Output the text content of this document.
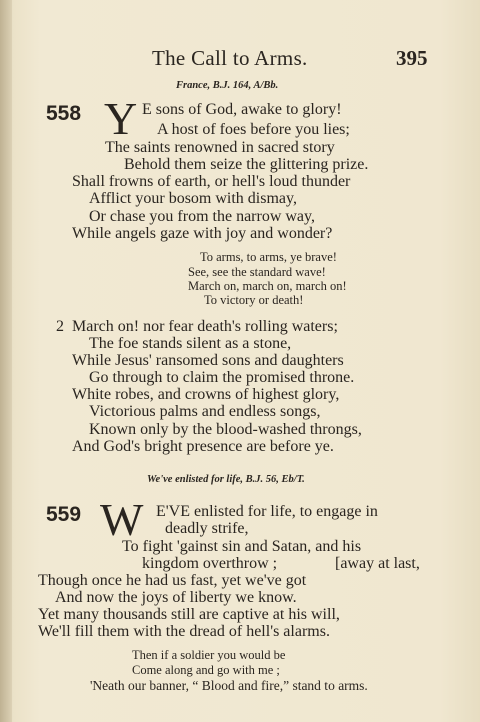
The Call to Arms.	395
France, B.J. 164, A/Bb.
558 Y E sons of God, awake to glory!
A host of foes before you lies;
The saints renowned in sacred story
Behold them seize the glittering prize.
Shall frowns of earth, or hell's loud thunder
Afflict your bosom with dismay,
Or chase you from the narrow way,
While angels gaze with joy and wonder?
To arms, to arms, ye brave!
See, see the standard wave!
March on, march on, march on!
To victory or death!
2 March on! nor fear death's rolling waters;
The foe stands silent as a stone,
While Jesus' ransomed sons and daughters
Go through to claim the promised throne.
White robes, and crowns of highest glory,
Victorious palms and endless songs,
Known only by the blood-washed throngs,
And God's bright presence are before ye.
We've enlisted for life, B.J. 56, Eb/T.
559 W E'VE enlisted for life, to engage in
deadly strife,
To fight 'gainst sin and Satan, and his
kingdom overthrow ;	[away at last,
Though once he had us fast, yet we've got
And now the joys of liberty we know.
Yet many thousands still are captive at his will,
We'll fill them with the dread of hell's alarms.
Then if a soldier you would be
Come along and go with me ;
'Neath our banner, “ Blood and fire,” stand to arms.
